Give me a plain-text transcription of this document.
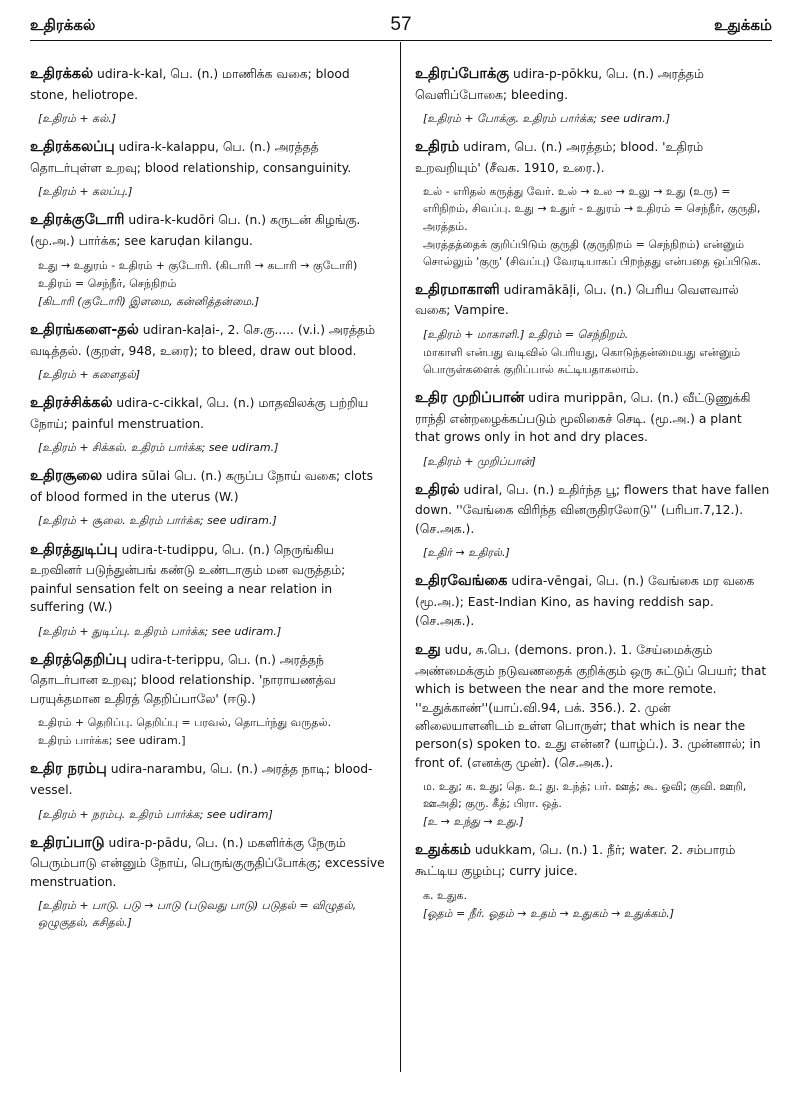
உதிரக்கல்	57	உதுக்கம்

உதிரக்கல் udira-k-kal, பெ. (n.) மாணிக்க வகை; blood stone, heliotrope.

[உதிரம் + கல்.]

உதிரக்கலப்பு udira-k-kalappu, பெ. (n.) அரத்தத் தொடர்புள்ள உறவு; blood relationship, consanguinity.

[உதிரம் + கலப்பு.]

உதிரக்குடோரி udira-k-kudōri பெ. (n.) கருடன் கிழங்கு. (மூ.அ.) பார்க்க; see karuḍan kilangu.

உது → உதுரம் - உதிரம் + குடோரி. (கிடாரி → கடாரி → குடோரி)

உதிரம் = செந்நீர், செந்நிறம்

[கிடாரி (குடோரி) இளமை, கன்னித்தன்மை.]

உதிரங்களை-தல் udiran-kaļai-, 2. செ.கு..... (v.i.) அரத்தம் வடித்தல். (குறள், 948, உரை); to bleed, draw out blood.

[உதிரம் + களைதல்]

உதிரச்சிக்கல் udira-c-cikkal, பெ. (n.) மாதவிலக்கு பற்றிய நோய்; painful menstruation.

[உதிரம் + சிக்கல். உதிரம் பார்க்க; see udiram.]

உதிரசூலை udira sūlai பெ. (n.) கருப்ப நோய் வகை; clots of blood formed in the uterus (W.)

[உதிரம் + சூலை. உதிரம் பார்க்க; see udiram.]

உதிரத்துடிப்பு udira-t-tudippu, பெ. (n.) நெருங்கிய உறவினர் படுந்துன்பங் கண்டு உண்டாகும் மன வருத்தம்; painful sensation felt on seeing a near relation in suffering (W.)

[உதிரம் + துடிப்பு. உதிரம் பார்க்க; see udiram.]

உதிரத்தெறிப்பு udira-t-terippu, பெ. (n.) அரத்தந் தொடர்பான உறவு; blood relationship. 'நாராயணத்வ பரயுக்தமான உதிரத் தெறிப்பாலே' (ஈடு.)

உதிரம் + தெறிப்பு. தெறிப்பு = பரவல், தொடர்ந்து வருதல்.

உதிரம் பார்க்க; see udiram.]

உதிர நரம்பு udira-narambu, பெ. (n.) அரத்த நாடி; blood-vessel.

[உதிரம் + நரம்பு. உதிரம் பார்க்க; see udiram]

உதிரப்பாடு udira-p-pādu, பெ. (n.) மகளிர்க்கு நேரும் பெரும்பாடு என்னும் நோய், பெருங்குருதிப்போக்கு; excessive menstruation.

[உதிரம் + பாடு. படு → பாடு (படுவது பாடு) படுதல் = விழுதல், ஒழுகுதல், கசிதல்.]

உதிரப்போக்கு udira-p-pōkku, பெ. (n.) அரத்தம் வெளிப்போகை; bleeding.

[உதிரம் + போக்கு. உதிரம் பார்க்க; see udiram.]

உதிரம் udiram, பெ. (n.) அரத்தம்; blood. 'உதிரம் உறவறியும்' (சீவக. 1910, உரை.).

உல் - எரிதல் கருத்து வேர். உல் → உல → உலு → உது (உரு) = எரிநிறம், சிவப்பு. உது → உதுர் - உதுரம் → உதிரம் = செந்நீர், குருதி, அரத்தம்.

அரத்தத்தைக் குறிப்பிடும் குருதி (குருநிறம் = செந்நிறம்) என்னும் சொல்லும் 'குரு' (சிவப்பு) வேரடியாகப் பிறந்தது என்பதை ஒப்பிடுக.

உதிரமாகாளி udiramākāļi, பெ. (n.) பெரிய வௌவால் வகை; Vampire.

[உதிரம் + மாகாளி.] உதிரம் = செந்நிறம்.

மாகாளி என்பது வடிவில் பெரியது, கொடுந்தன்மையது என்னும் பொருள்களைக் குறிப்பால் சுட்டியதாகலாம்.

உதிர முறிப்பான் udira murippān, பெ. (n.) வீட்டுணுக்கி ராந்தி என்றழைக்கப்படும் மூலிகைச் செடி. (மூ.அ.) a plant that grows only in hot and dry places.

[உதிரம் + முறிப்பான்]

உதிரல் udiral, பெ. (n.) உதிர்ந்த பூ; flowers that have fallen down. ''வேங்கை விரிந்த வினருதிரலோடு'' (பரிபா.7,12.). (செ.அக.).

[உதிர் → உதிரல்.]

உதிரவேங்கை udira-vēngai, பெ. (n.) வேங்கை மர வகை (மூ.அ.); East-Indian Kino, as having reddish sap. (செ.அக.).

உது udu, சு.பெ. (demons. pron.). 1. சேய்மைக்கும் அண்மைக்கும் நடுவணதைக் குறிக்கும் ஒரு சுட்டுப் பெயர்; that which is between the near and the more remote. ''உதுக்காண்''(யாப்.வி.94, பக். 356.). 2. முன் னிலையாளனிடம் உள்ள பொருள்; that which is near the person(s) spoken to. உது என்ன? (யாழ்ப்.). 3. முன்னால்; in front of. (எனக்கு முன்). (செ.அக.).

ம. உது; க. உது; தெ. உ; து. உந்த்; பர். ஊத்; கூ. ஓவி; குவி. ஊறி, ஊஅதி; குரு. கீத்; பிரா. ஒத்.

[உ → உந்து → உது.]

உதுக்கம் udukkam, பெ. (n.) 1. நீர்; water. 2. சம்பாரம் கூட்டிய குழம்பு; curry juice.

க. உதுக.

[ஓதம் = நீர். ஓதம் → உதம் → உதுகம் → உதுக்கம்.]
